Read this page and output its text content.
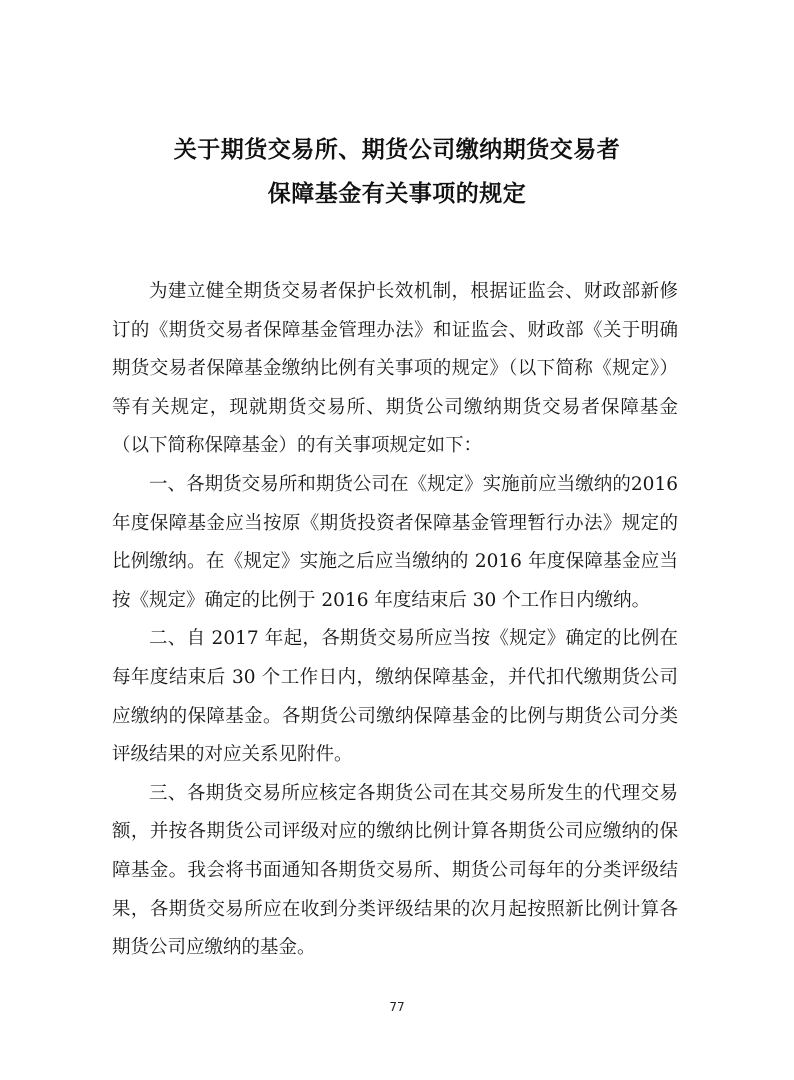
关于期货交易所、期货公司缴纳期货交易者
保障基金有关事项的规定

为建立健全期货交易者保护长效机制，根据证监会、财政部新修订的《期货交易者保障基金管理办法》和证监会、财政部《关于明确期货交易者保障基金缴纳比例有关事项的规定》（以下简称《规定》）等有关规定，现就期货交易所、期货公司缴纳期货交易者保障基金（以下简称保障基金）的有关事项规定如下：

一、各期货交易所和期货公司在《规定》实施前应当缴纳的2016 年度保障基金应当按原《期货投资者保障基金管理暂行办法》规定的比例缴纳。在《规定》实施之后应当缴纳的 2016 年度保障基金应当按《规定》确定的比例于 2016 年度结束后 30 个工作日内缴纳。

二、自 2017 年起，各期货交易所应当按《规定》确定的比例在每年度结束后 30 个工作日内，缴纳保障基金，并代扣代缴期货公司应缴纳的保障基金。各期货公司缴纳保障基金的比例与期货公司分类评级结果的对应关系见附件。

三、各期货交易所应核定各期货公司在其交易所发生的代理交易额，并按各期货公司评级对应的缴纳比例计算各期货公司应缴纳的保障基金。我会将书面通知各期货交易所、期货公司每年的分类评级结果，各期货交易所应在收到分类评级结果的次月起按照新比例计算各期货公司应缴纳的基金。

77
